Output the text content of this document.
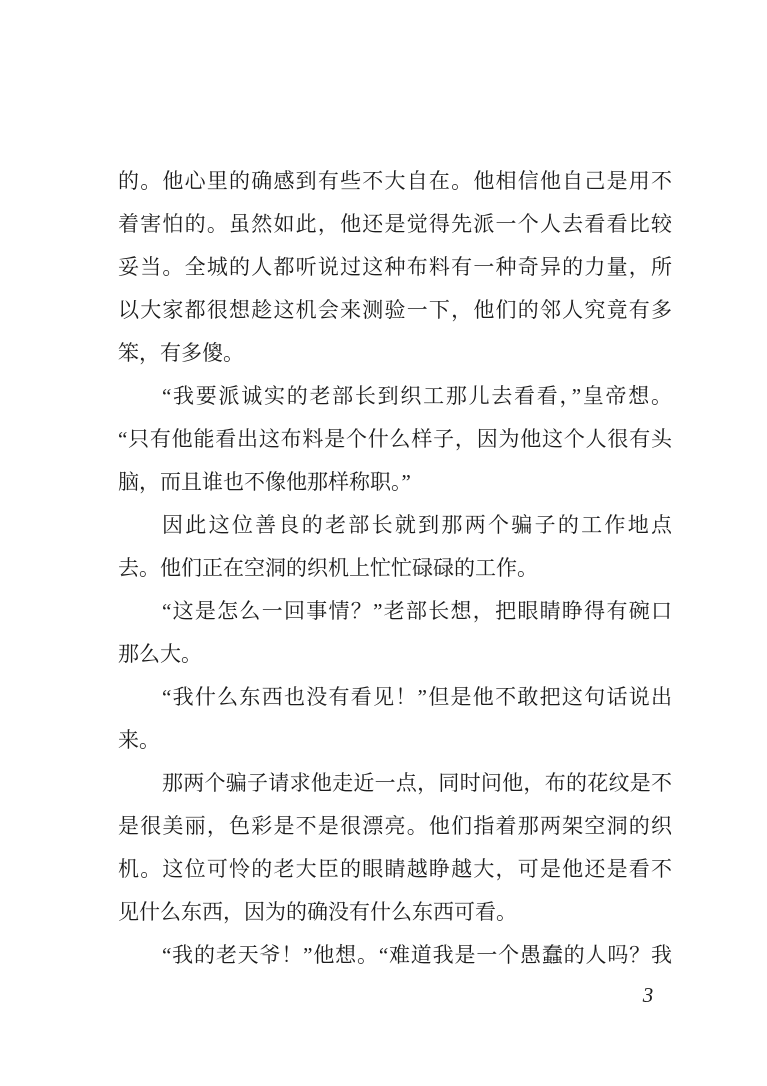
的。他心里的确感到有些不大自在。他相信他自己是用不
着害怕的。虽然如此，他还是觉得先派一个人去看看比较
妥当。全城的人都听说过这种布料有一种奇异的力量，所
以大家都很想趁这机会来测验一下，他们的邻人究竟有多
笨，有多傻。
“我要派诚实的老部长到织工那儿去看看，”皇帝想。
“只有他能看出这布料是个什么样子，因为他这个人很有头
脑，而且谁也不像他那样称职。”
因此这位善良的老部长就到那两个骗子的工作地点
去。他们正在空洞的织机上忙忙碌碌的工作。
“这是怎么一回事情？”老部长想，把眼睛睁得有碗口
那么大。
“我什么东西也没有看见！”但是他不敢把这句话说出
来。
那两个骗子请求他走近一点，同时问他，布的花纹是不
是很美丽，色彩是不是很漂亮。他们指着那两架空洞的织
机。这位可怜的老大臣的眼睛越睁越大，可是他还是看不
见什么东西，因为的确没有什么东西可看。
“我的老天爷！”他想。“难道我是一个愚蠢的人吗？我
3
